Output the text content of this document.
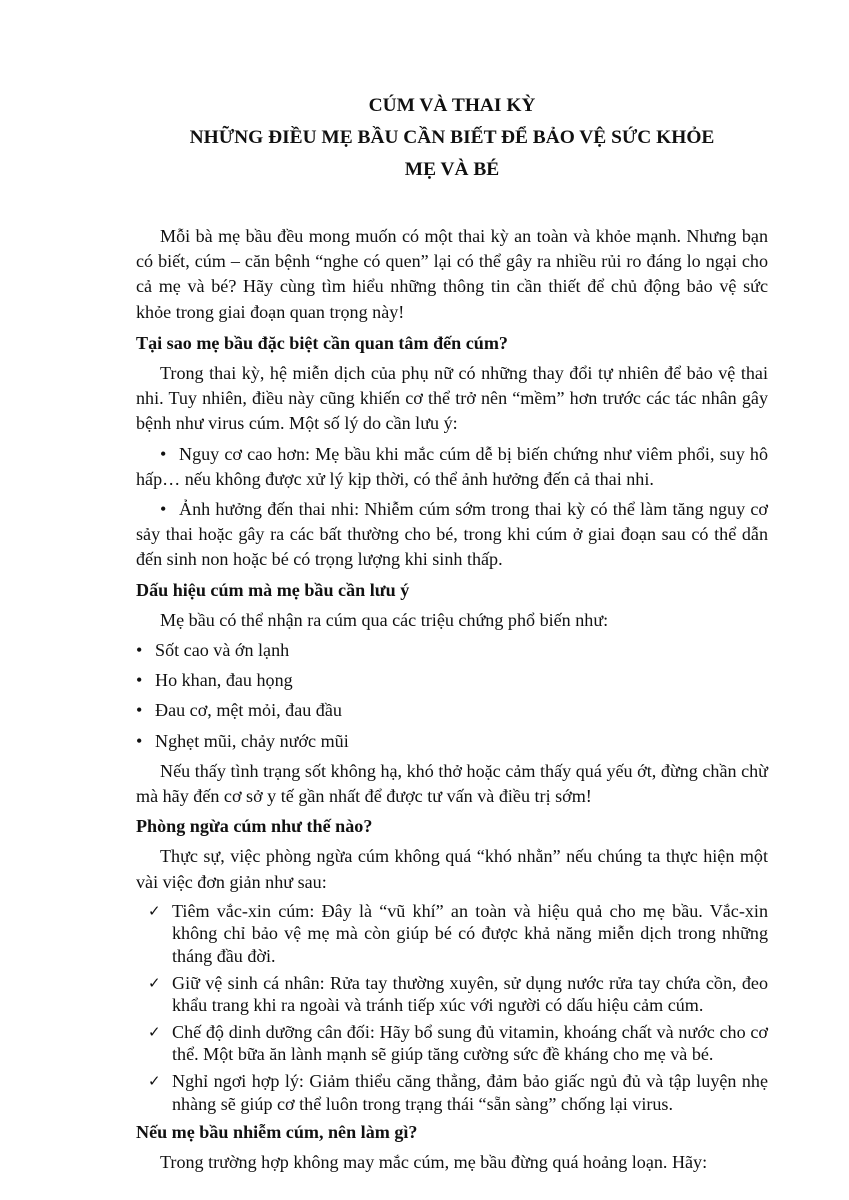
CÚM VÀ THAI KỲ
NHỮNG ĐIỀU MẸ BẦU CẦN BIẾT ĐỂ BẢO VỆ SỨC KHỎE
MẸ VÀ BÉ

Mỗi bà mẹ bầu đều mong muốn có một thai kỳ an toàn và khỏe mạnh. Nhưng bạn có biết, cúm – căn bệnh “nghe có quen” lại có thể gây ra nhiều rủi ro đáng lo ngại cho cả mẹ và bé? Hãy cùng tìm hiểu những thông tin cần thiết để chủ động bảo vệ sức khỏe trong giai đoạn quan trọng này!

Tại sao mẹ bầu đặc biệt cần quan tâm đến cúm?

Trong thai kỳ, hệ miễn dịch của phụ nữ có những thay đổi tự nhiên để bảo vệ thai nhi. Tuy nhiên, điều này cũng khiến cơ thể trở nên “mềm” hơn trước các tác nhân gây bệnh như virus cúm. Một số lý do cần lưu ý:

• Nguy cơ cao hơn: Mẹ bầu khi mắc cúm dễ bị biến chứng như viêm phổi, suy hô hấp… nếu không được xử lý kịp thời, có thể ảnh hưởng đến cả thai nhi.
• Ảnh hưởng đến thai nhi: Nhiễm cúm sớm trong thai kỳ có thể làm tăng nguy cơ sảy thai hoặc gây ra các bất thường cho bé, trong khi cúm ở giai đoạn sau có thể dẫn đến sinh non hoặc bé có trọng lượng khi sinh thấp.
Dấu hiệu cúm mà mẹ bầu cần lưu ý

Mẹ bầu có thể nhận ra cúm qua các triệu chứng phổ biến như:

• Sốt cao và ớn lạnh
• Ho khan, đau họng
• Đau cơ, mệt mỏi, đau đầu
• Nghẹt mũi, chảy nước mũi

Nếu thấy tình trạng sốt không hạ, khó thở hoặc cảm thấy quá yếu ớt, đừng chần chừ mà hãy đến cơ sở y tế gần nhất để được tư vấn và điều trị sớm!

Phòng ngừa cúm như thế nào?

Thực sự, việc phòng ngừa cúm không quá “khó nhằn” nếu chúng ta thực hiện một vài việc đơn giản như sau:

✓ Tiêm vắc-xin cúm: Đây là “vũ khí” an toàn và hiệu quả cho mẹ bầu. Vắc-xin không chỉ bảo vệ mẹ mà còn giúp bé có được khả năng miễn dịch trong những tháng đầu đời.
✓ Giữ vệ sinh cá nhân: Rửa tay thường xuyên, sử dụng nước rửa tay chứa cồn, đeo khẩu trang khi ra ngoài và tránh tiếp xúc với người có dấu hiệu cảm cúm.
✓ Chế độ dinh dưỡng cân đối: Hãy bổ sung đủ vitamin, khoáng chất và nước cho cơ thể. Một bữa ăn lành mạnh sẽ giúp tăng cường sức đề kháng cho mẹ và bé.
✓ Nghỉ ngơi hợp lý: Giảm thiểu căng thẳng, đảm bảo giấc ngủ đủ và tập luyện nhẹ nhàng sẽ giúp cơ thể luôn trong trạng thái “sẵn sàng” chống lại virus.
Nếu mẹ bầu nhiễm cúm, nên làm gì?

Trong trường hợp không may mắc cúm, mẹ bầu đừng quá hoảng loạn. Hãy:
